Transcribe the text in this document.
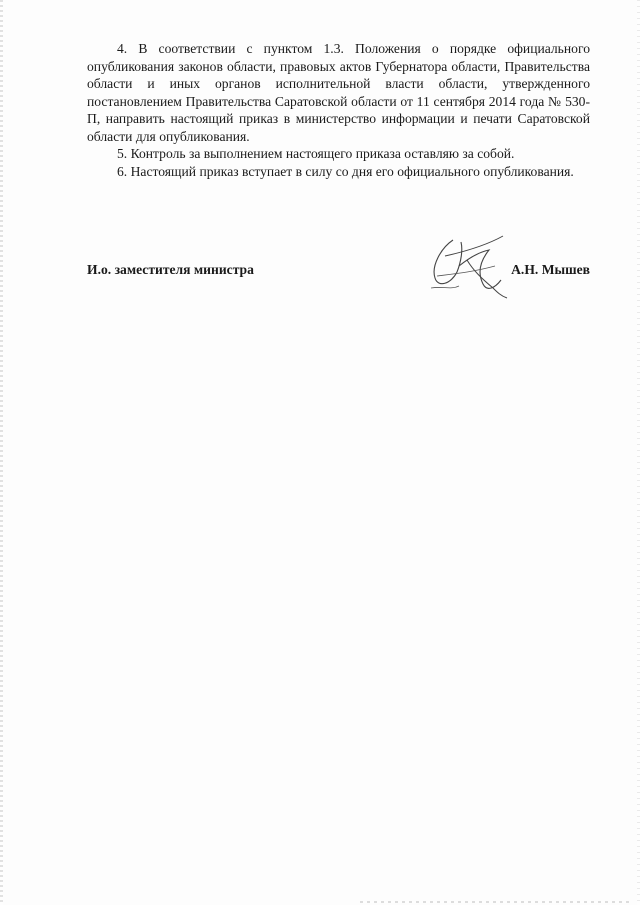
4. В соответствии с пунктом 1.3. Положения о порядке официального опубликования законов области, правовых актов Губернатора области, Правительства области и иных органов исполнительной власти области, утвержденного постановлением Правительства Саратовской области от 11 сентября 2014 года № 530-П, направить настоящий приказ в министерство информации и печати Саратовской области для опубликования.

5. Контроль за выполнением настоящего приказа оставляю за собой.

6. Настоящий приказ вступает в силу со дня его официального опубликования.

И.о. заместителя министра	А.Н. Мышев
